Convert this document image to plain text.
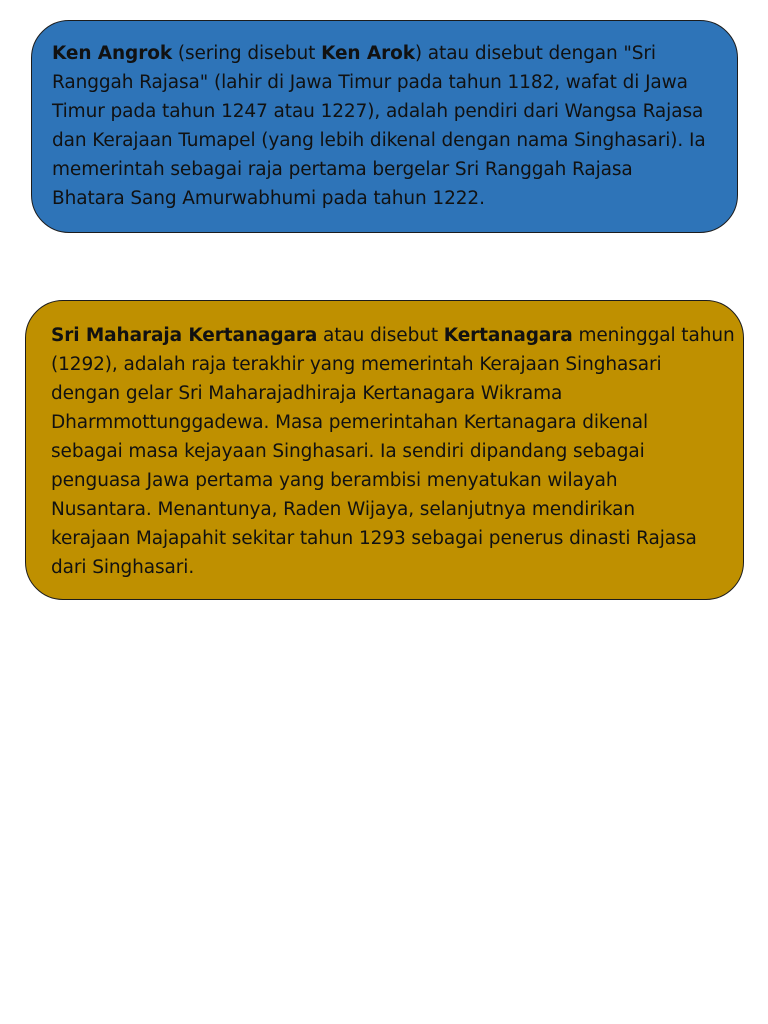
Ken Angrok (sering disebut Ken Arok) atau disebut dengan "Sri
Ranggah Rajasa" (lahir di Jawa Timur pada tahun 1182, wafat di Jawa
Timur pada tahun 1247 atau 1227), adalah pendiri dari Wangsa Rajasa
dan Kerajaan Tumapel (yang lebih dikenal dengan nama Singhasari). Ia
memerintah sebagai raja pertama bergelar Sri Ranggah Rajasa
Bhatara Sang Amurwabhumi pada tahun 1222.
Sri Maharaja Kertanagara atau disebut Kertanagara meninggal tahun
(1292), adalah raja terakhir yang memerintah Kerajaan Singhasari
dengan gelar Sri Maharajadhiraja Kertanagara Wikrama
Dharmmottunggadewa. Masa pemerintahan Kertanagara dikenal
sebagai masa kejayaan Singhasari. Ia sendiri dipandang sebagai
penguasa Jawa pertama yang berambisi menyatukan wilayah
Nusantara. Menantunya, Raden Wijaya, selanjutnya mendirikan
kerajaan Majapahit sekitar tahun 1293 sebagai penerus dinasti Rajasa
dari Singhasari.
